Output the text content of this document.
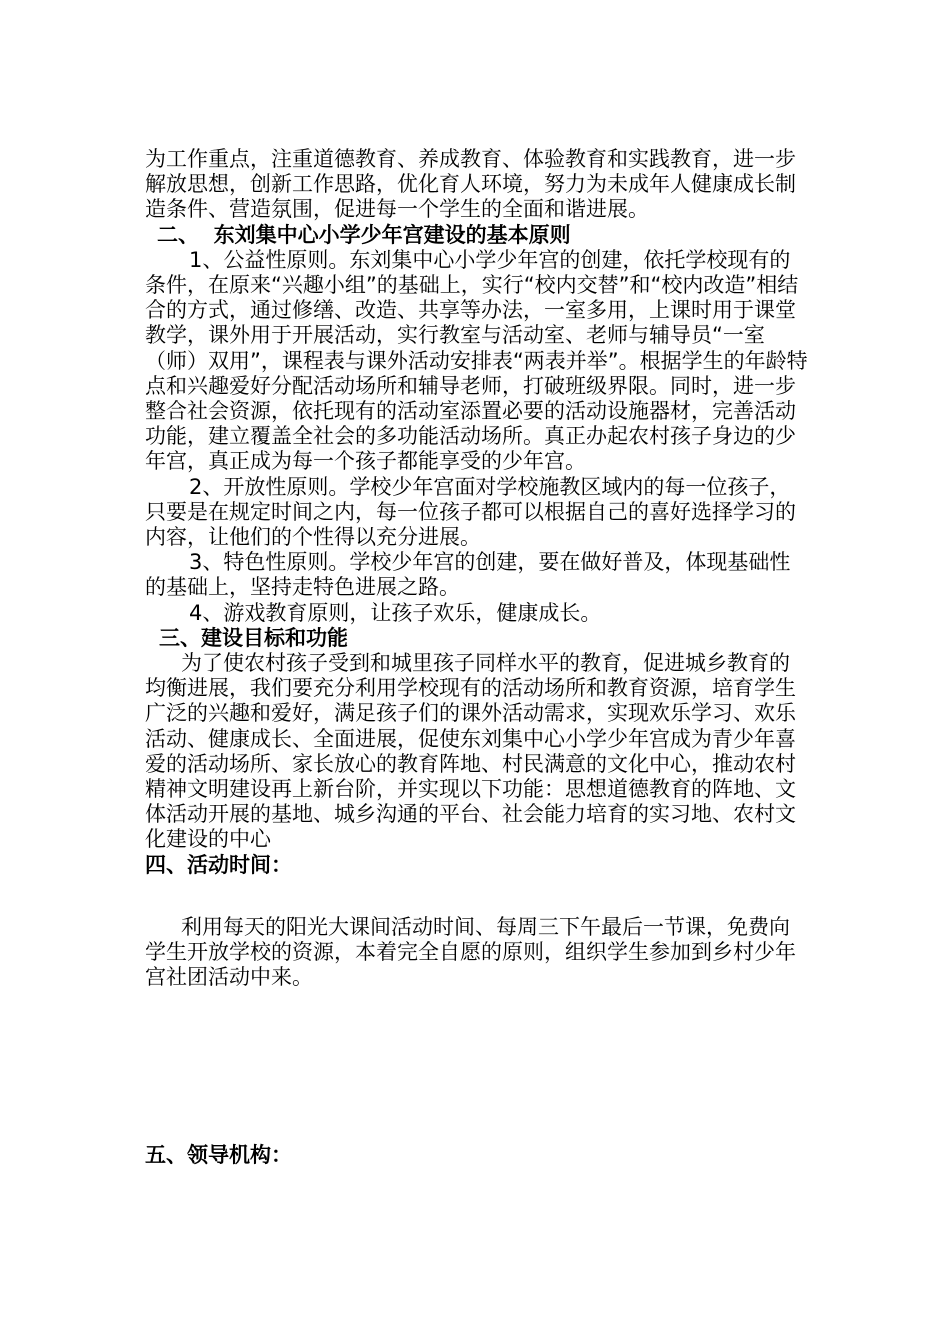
为工作重点，注重道德教育、养成教育、体验教育和实践教育，进一步解放思想，创新工作思路，优化育人环境，努力为未成年人健康成长制造条件、营造氛围，促进每一个学生的全面和谐进展。

二、  东刘集中心小学少年宫建设的基本原则

1、公益性原则。东刘集中心小学少年宫的创建，依托学校现有的条件，在原来“兴趣小组”的基础上，实行“校内交替”和“校内改造”相结合的方式，通过修缮、改造、共享等办法，一室多用，上课时用于课堂教学，课外用于开展活动，实行教室与活动室、老师与辅导员“一室（师）双用”，课程表与课外活动安排表“两表并举”。根据学生的年龄特点和兴趣爱好分配活动场所和辅导老师，打破班级界限。同时，进一步整合社会资源，依托现有的活动室添置必要的活动设施器材，完善活动功能，建立覆盖全社会的多功能活动场所。真正办起农村孩子身边的少年宫，真正成为每一个孩子都能享受的少年宫。

2、开放性原则。学校少年宫面对学校施教区域内的每一位孩子，只要是在规定时间之内，每一位孩子都可以根据自己的喜好选择学习的内容，让他们的个性得以充分进展。

3、特色性原则。学校少年宫的创建，要在做好普及，体现基础性的基础上，坚持走特色进展之路。

4、游戏教育原则，让孩子欢乐，健康成长。

三、建设目标和功能

为了使农村孩子受到和城里孩子同样水平的教育，促进城乡教育的均衡进展，我们要充分利用学校现有的活动场所和教育资源，培育学生广泛的兴趣和爱好，满足孩子们的课外活动需求，实现欢乐学习、欢乐活动、健康成长、全面进展，促使东刘集中心小学少年宫成为青少年喜爱的活动场所、家长放心的教育阵地、村民满意的文化中心，推动农村精神文明建设再上新台阶，并实现以下功能：思想道德教育的阵地、文体活动开展的基地、城乡沟通的平台、社会能力培育的实习地、农村文化建设的中心

四、活动时间：

利用每天的阳光大课间活动时间、每周三下午最后一节课，免费向学生开放学校的资源，本着完全自愿的原则，组织学生参加到乡村少年宫社团活动中来。

五、领导机构：
